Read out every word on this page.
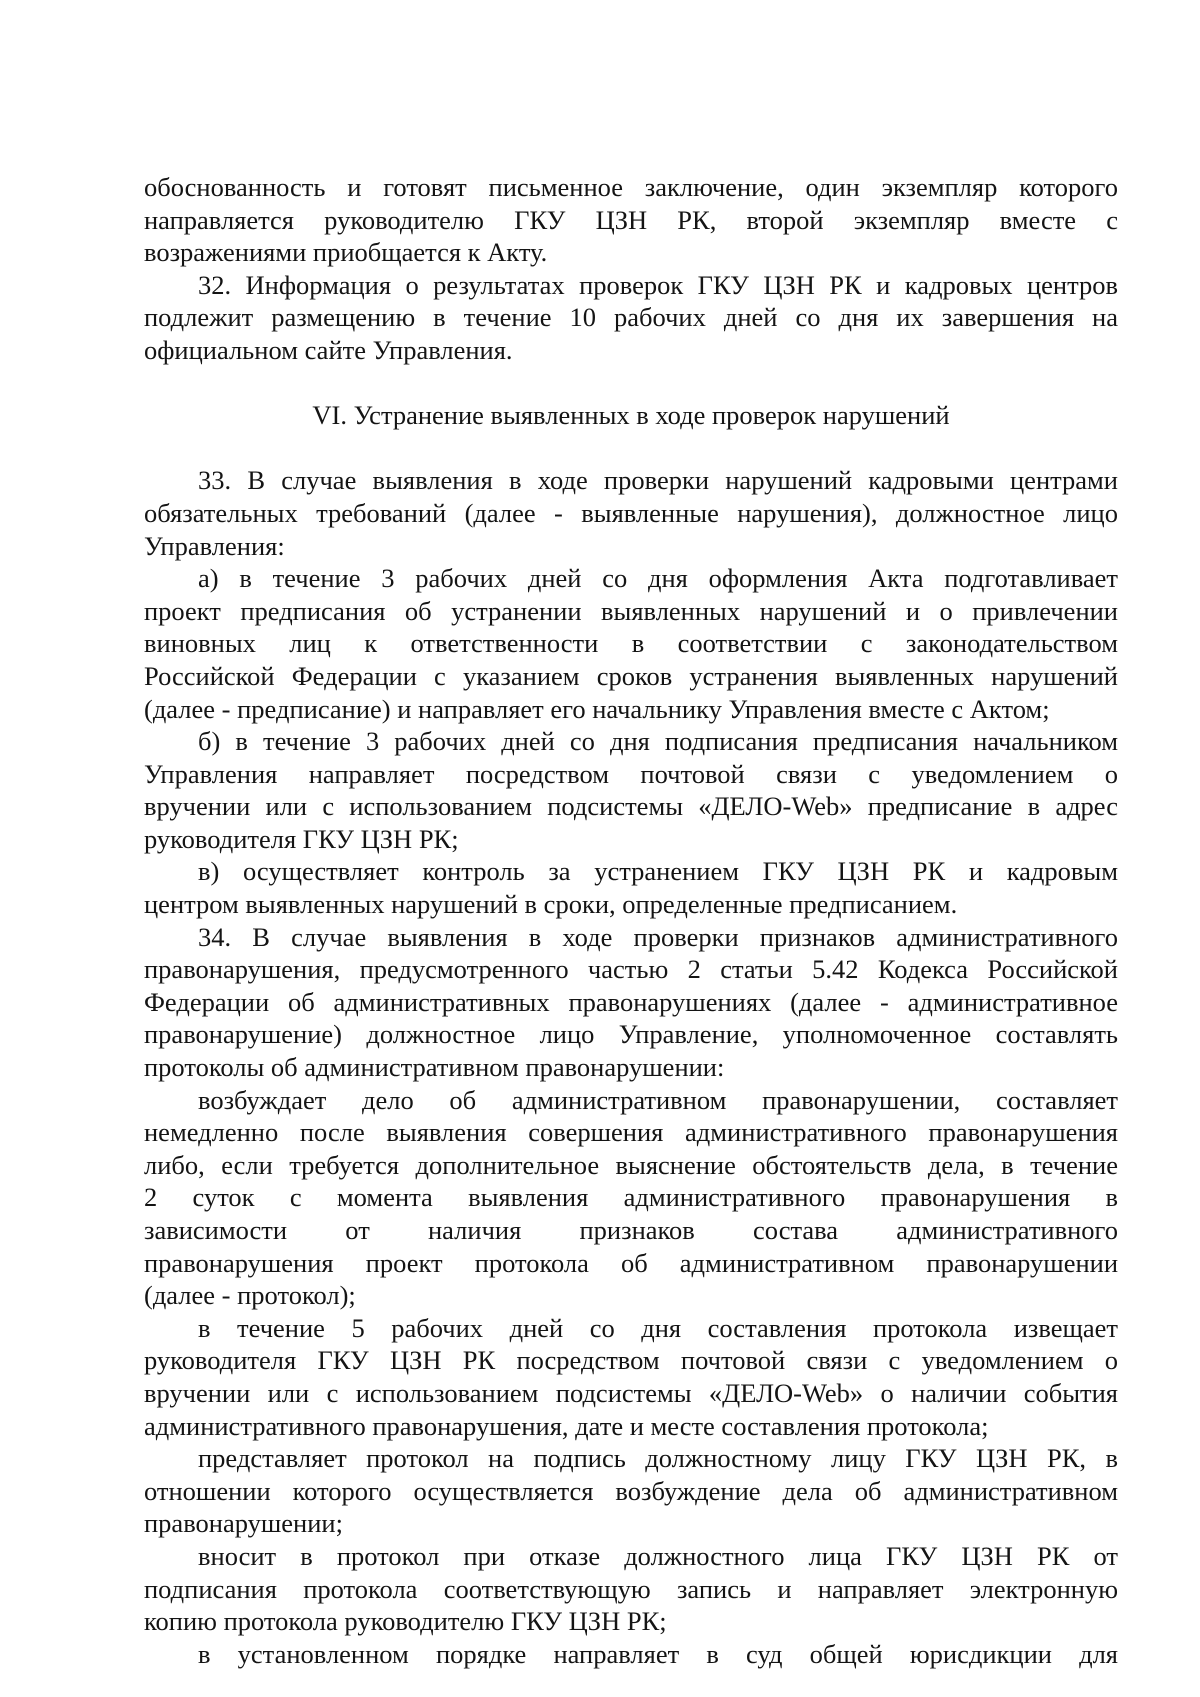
обоснованность и готовят письменное заключение, один экземпляр которого
направляется руководителю ГКУ ЦЗН РК, второй экземпляр вместе с
возражениями приобщается к Акту.
32. Информация о результатах проверок ГКУ ЦЗН РК и кадровых центров
подлежит размещению в течение 10 рабочих дней со дня их завершения на
официальном сайте Управления.
VI. Устранение выявленных в ходе проверок нарушений
33. В случае выявления в ходе проверки нарушений кадровыми центрами
обязательных требований (далее - выявленные нарушения), должностное лицо
Управления:
а) в течение 3 рабочих дней со дня оформления Акта подготавливает
проект предписания об устранении выявленных нарушений и о привлечении
виновных лиц к ответственности в соответствии с законодательством
Российской Федерации с указанием сроков устранения выявленных нарушений
(далее - предписание) и направляет его начальнику Управления вместе с Актом;
б) в течение 3 рабочих дней со дня подписания предписания начальником
Управления направляет посредством почтовой связи с уведомлением о
вручении или с использованием подсистемы «ДЕЛО-Web» предписание в адрес
руководителя ГКУ ЦЗН РК;
в) осуществляет контроль за устранением ГКУ ЦЗН РК и кадровым
центром выявленных нарушений в сроки, определенные предписанием.
34. В случае выявления в ходе проверки признаков административного
правонарушения, предусмотренного частью 2 статьи 5.42 Кодекса Российской
Федерации об административных правонарушениях (далее - административное
правонарушение) должностное лицо Управление, уполномоченное составлять
протоколы об административном правонарушении:
возбуждает дело об административном правонарушении, составляет
немедленно после выявления совершения административного правонарушения
либо, если требуется дополнительное выяснение обстоятельств дела, в течение
2 суток с момента выявления административного правонарушения в
зависимости от наличия признаков состава административного
правонарушения проект протокола об административном правонарушении
(далее - протокол);
в течение 5 рабочих дней со дня составления протокола извещает
руководителя ГКУ ЦЗН РК посредством почтовой связи с уведомлением о
вручении или с использованием подсистемы «ДЕЛО-Web» о наличии события
административного правонарушения, дате и месте составления протокола;
представляет протокол на подпись должностному лицу ГКУ ЦЗН РК, в
отношении которого осуществляется возбуждение дела об административном
правонарушении;
вносит в протокол при отказе должностного лица ГКУ ЦЗН РК от
подписания протокола соответствующую запись и направляет электронную
копию протокола руководителю ГКУ ЦЗН РК;
в установленном порядке направляет в суд общей юрисдикции для
